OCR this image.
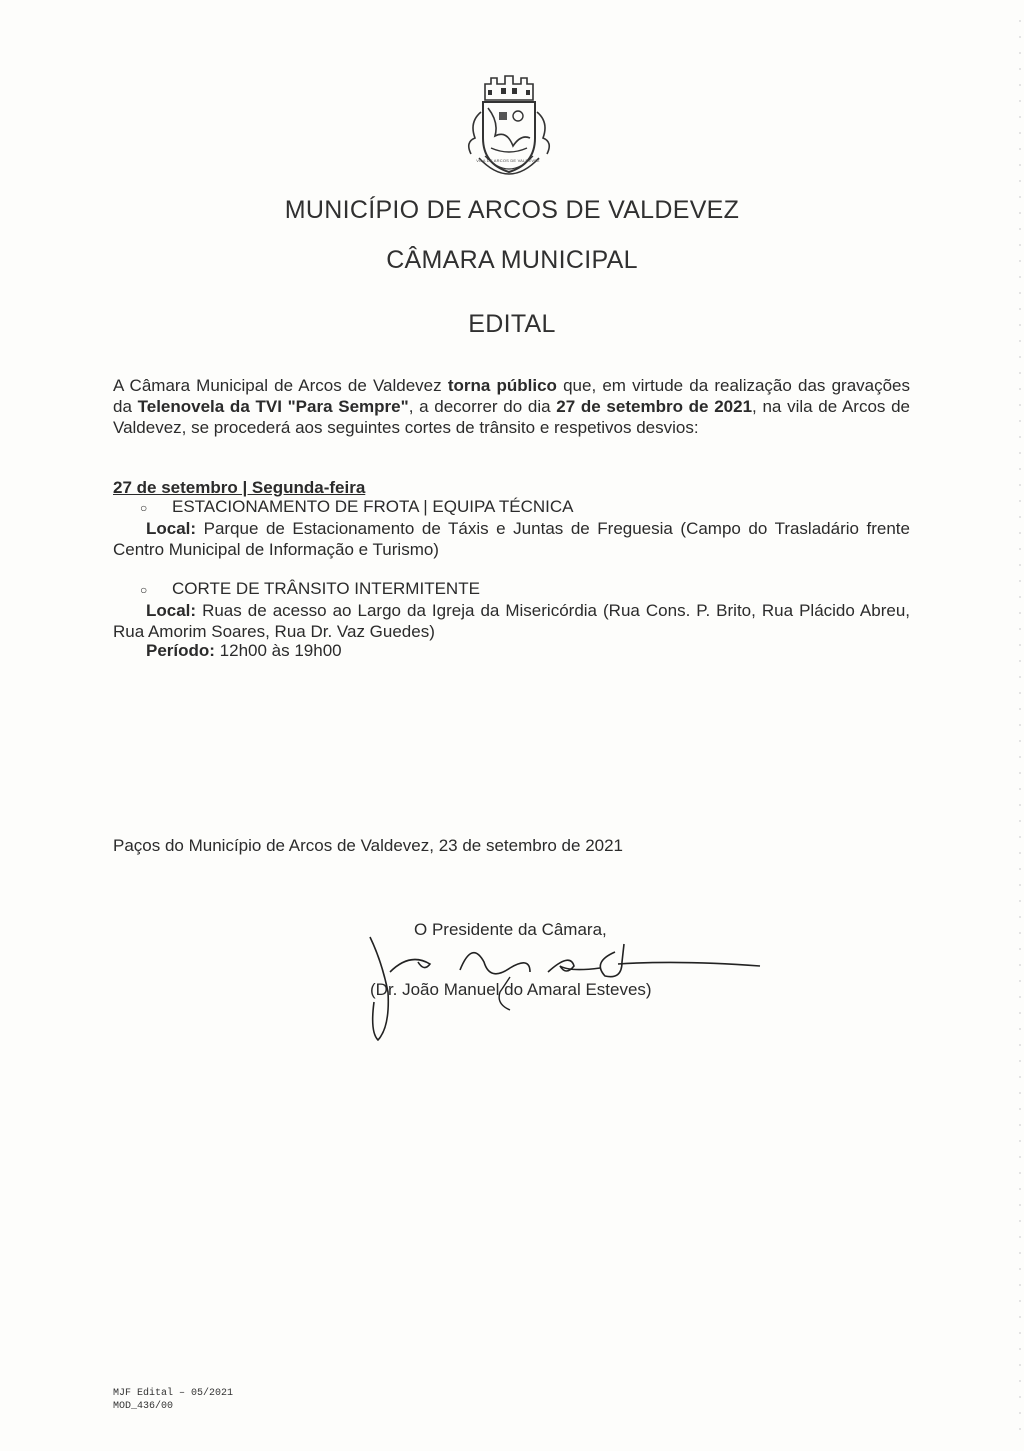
VILA DE ARCOS DE VALDEVEZ
MUNICÍPIO DE ARCOS DE VALDEVEZ
CÂMARA MUNICIPAL
EDITAL
A Câmara Municipal de Arcos de Valdevez torna público que, em virtude da realização das gravações da Telenovela da TVI "Para Sempre", a decorrer do dia 27 de setembro de 2021, na vila de Arcos de Valdevez, se procederá aos seguintes cortes de trânsito e respetivos desvios:
27 de setembro | Segunda-feira
○ ESTACIONAMENTO DE FROTA | EQUIPA TÉCNICA
Local: Parque de Estacionamento de Táxis e Juntas de Freguesia (Campo do Trasladário frente Centro Municipal de Informação e Turismo)
○ CORTE DE TRÂNSITO INTERMITENTE
Local: Ruas de acesso ao Largo da Igreja da Misericórdia (Rua Cons. P. Brito, Rua Plácido Abreu, Rua Amorim Soares, Rua Dr. Vaz Guedes)
Período: 12h00 às 19h00
Paços do Município de Arcos de Valdevez, 23 de setembro de 2021
O Presidente da Câmara,
(Dr. João Manuel do Amaral Esteves)
MJF Edital – 05/2021
MOD_436/00
